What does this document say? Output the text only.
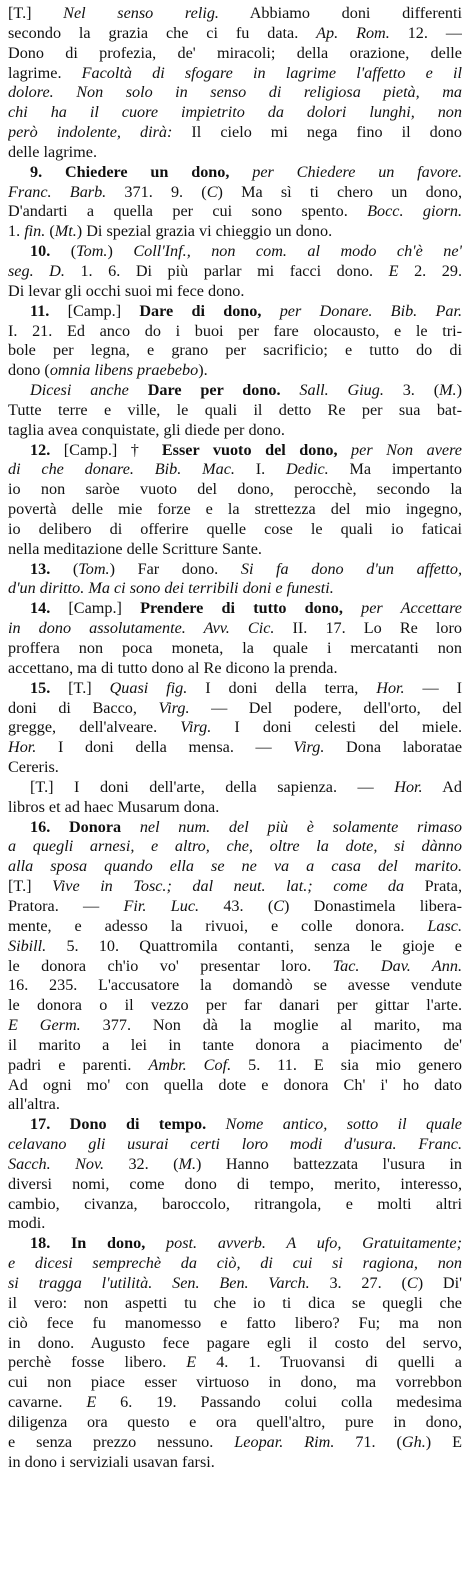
[T.] Nel senso relig. Abbiamo doni differenti
secondo la grazia che ci fu data. Ap. Rom. 12. —
Dono di profezia, de' miracoli; della orazione, delle
lagrime. Facoltà di sfogare in lagrime l'affetto e il
dolore. Non solo in senso di religiosa pietà, ma
chi ha il cuore impietrito da dolori lunghi, non
però indolente, dirà: Il cielo mi nega fino il dono
delle lagrime.
9. Chiedere un dono, per Chiedere un favore.
Franc. Barb. 371. 9. (C) Ma sì ti chero un dono,
D'andarti a quella per cui sono spento. Bocc. giorn.
1. fin. (Mt.) Di spezial grazia vi chieggio un dono.
10. (Tom.) Coll'Inf., non com. al modo ch'è ne'
seg. D. 1. 6. Di più parlar mi facci dono. E 2. 29.
Di levar gli occhi suoi mi fece dono.
11. [Camp.] Dare di dono, per Donare. Bib. Par.
I. 21. Ed anco do i buoi per fare olocausto, e le tri-
bole per legna, e grano per sacrificio; e tutto do di
dono (omnia libens praebebo).
Dicesi anche Dare per dono. Sall. Giug. 3. (M.)
Tutte terre e ville, le quali il detto Re per sua bat-
taglia avea conquistate, gli diede per dono.
12. [Camp.] † Esser vuoto del dono, per Non avere
di che donare. Bib. Mac. I. Dedic. Ma impertanto
io non saròe vuoto del dono, perocchè, secondo la
povertà delle mie forze e la strettezza del mio ingegno,
io delibero di offerire quelle cose le quali io faticai
nella meditazione delle Scritture Sante.
13. (Tom.) Far dono. Si fa dono d'un affetto,
d'un diritto. Ma ci sono dei terribili doni e funesti.
14. [Camp.] Prendere di tutto dono, per Accettare
in dono assolutamente. Avv. Cic. II. 17. Lo Re loro
proffera non poca moneta, la quale i mercatanti non
accettano, ma di tutto dono al Re dicono la prenda.
15. [T.] Quasi fig. I doni della terra, Hor. — I
doni di Bacco, Virg. — Del podere, dell'orto, del
gregge, dell'alveare. Virg. I doni celesti del miele.
Hor. I doni della mensa. — Virg. Dona laboratae
Cereris.
[T.] I doni dell'arte, della sapienza. — Hor. Ad
libros et ad haec Musarum dona.
16. Donora nel num. del più è solamente rimaso
a quegli arnesi, e altro, che, oltre la dote, si dànno
alla sposa quando ella se ne va a casa del marito.
[T.] Vive in Tosc.; dal neut. lat.; come da Prata,
Pratora. — Fir. Luc. 43. (C) Donastimela libera-
mente, e adesso la rivuoi, e colle donora. Lasc.
Sibill. 5. 10. Quattromila contanti, senza le gioje e
le donora ch'io vo' presentar loro. Tac. Dav. Ann.
16. 235. L'accusatore la domandò se avesse vendute
le donora o il vezzo per far danari per gittar l'arte.
E Germ. 377. Non dà la moglie al marito, ma
il marito a lei in tante donora a piacimento de'
padri e parenti. Ambr. Cof. 5. 11. E sia mio genero
Ad ogni mo' con quella dote e donora Ch' i' ho dato
all'altra.
17. Dono di tempo. Nome antico, sotto il quale
celavano gli usurai certi loro modi d'usura. Franc.
Sacch. Nov. 32. (M.) Hanno battezzata l'usura in
diversi nomi, come dono di tempo, merito, interesso,
cambio, civanza, baroccolo, ritrangola, e molti altri
modi.
18. In dono, post. avverb. A ufo, Gratuitamente;
e dicesi semprechè da ciò, di cui si ragiona, non
si tragga l'utilità. Sen. Ben. Varch. 3. 27. (C) Di'
il vero: non aspetti tu che io ti dica se quegli che
ciò fece fu manomesso e fatto libero? Fu; ma non
in dono. Augusto fece pagare egli il costo del servo,
perchè fosse libero. E 4. 1. Truovansi di quelli a
cui non piace esser virtuoso in dono, ma vorrebbon
cavarne. E 6. 19. Passando colui colla medesima
diligenza ora questo e ora quell'altro, pure in dono,
e senza prezzo nessuno. Leopar. Rim. 71. (Gh.) E
in dono i serviziali usavan farsi.
